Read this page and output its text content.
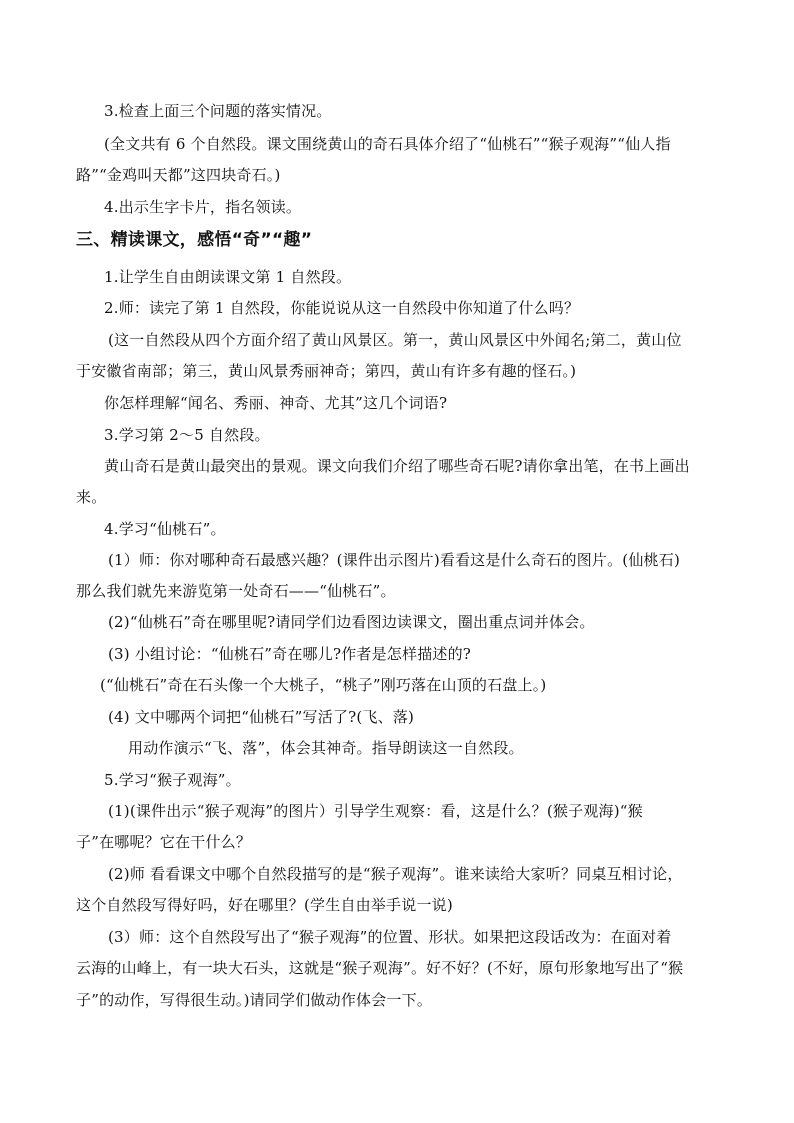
3.检查上面三个问题的落实情况。
(全文共有 6 个自然段。课文围绕黄山的奇石具体介绍了“仙桃石”“猴子观海”“仙人指
路”“金鸡叫天都”这四块奇石。)
4.出示生字卡片，指名领读。
三、精读课文，感悟“奇”“趣”
1.让学生自由朗读课文第 1 自然段。
2.师：读完了第 1 自然段，你能说说从这一自然段中你知道了什么吗？
(这一自然段从四个方面介绍了黄山风景区。第一，黄山风景区中外闻名;第二，黄山位
于安徽省南部；第三，黄山风景秀丽神奇；第四，黄山有许多有趣的怪石。)
你怎样理解“闻名、秀丽、神奇、尤其”这几个词语?
3.学习第 2～5 自然段。
黄山奇石是黄山最突出的景观。课文向我们介绍了哪些奇石呢?请你拿出笔，在书上画出
来。
4.学习“仙桃石”。
(1）师：你对哪种奇石最感兴趣？(课件出示图片)看看这是什么奇石的图片。(仙桃石)
那么我们就先来游览第一处奇石——“仙桃石”。
(2)“仙桃石”奇在哪里呢?请同学们边看图边读课文，圈出重点词并体会。
(3) 小组讨论：“仙桃石”奇在哪儿?作者是怎样描述的?
(“仙桃石”奇在石头像一个大桃子，“桃子”刚巧落在山顶的石盘上。)
(4) 文中哪两个词把“仙桃石”写活了?(飞、落)
用动作演示“飞、落”，体会其神奇。指导朗读这一自然段。
5.学习“猴子观海”。
(1)(课件出示“猴子观海”的图片）引导学生观察：看，这是什么？(猴子观海)“猴
子”在哪呢？它在干什么？
(2)师 看看课文中哪个自然段描写的是“猴子观海”。谁来读给大家听？同桌互相讨论，
这个自然段写得好吗，好在哪里？(学生自由举手说一说)
(3）师：这个自然段写出了“猴子观海”的位置、形状。如果把这段话改为：在面对着
云海的山峰上，有一块大石头，这就是“猴子观海”。好不好？(不好，原句形象地写出了“猴
子”的动作，写得很生动。)请同学们做动作体会一下。
